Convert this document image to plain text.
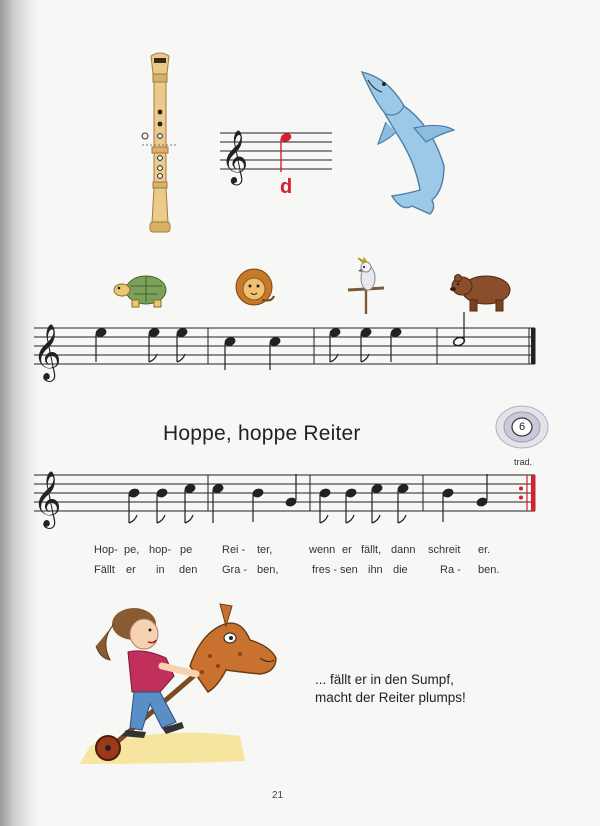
𝄞
d
𝄞
Hoppe, hoppe Reiter	6
trad.
𝄞
Hop- pe, hop- pe	Rei - ter,	wenn er fällt, dann schreit er.
Fällt er in den Gra - ben,	fres - sen ihn die	Ra - ben.
... fällt er in den Sumpf,
macht der Reiter plumps!
21
